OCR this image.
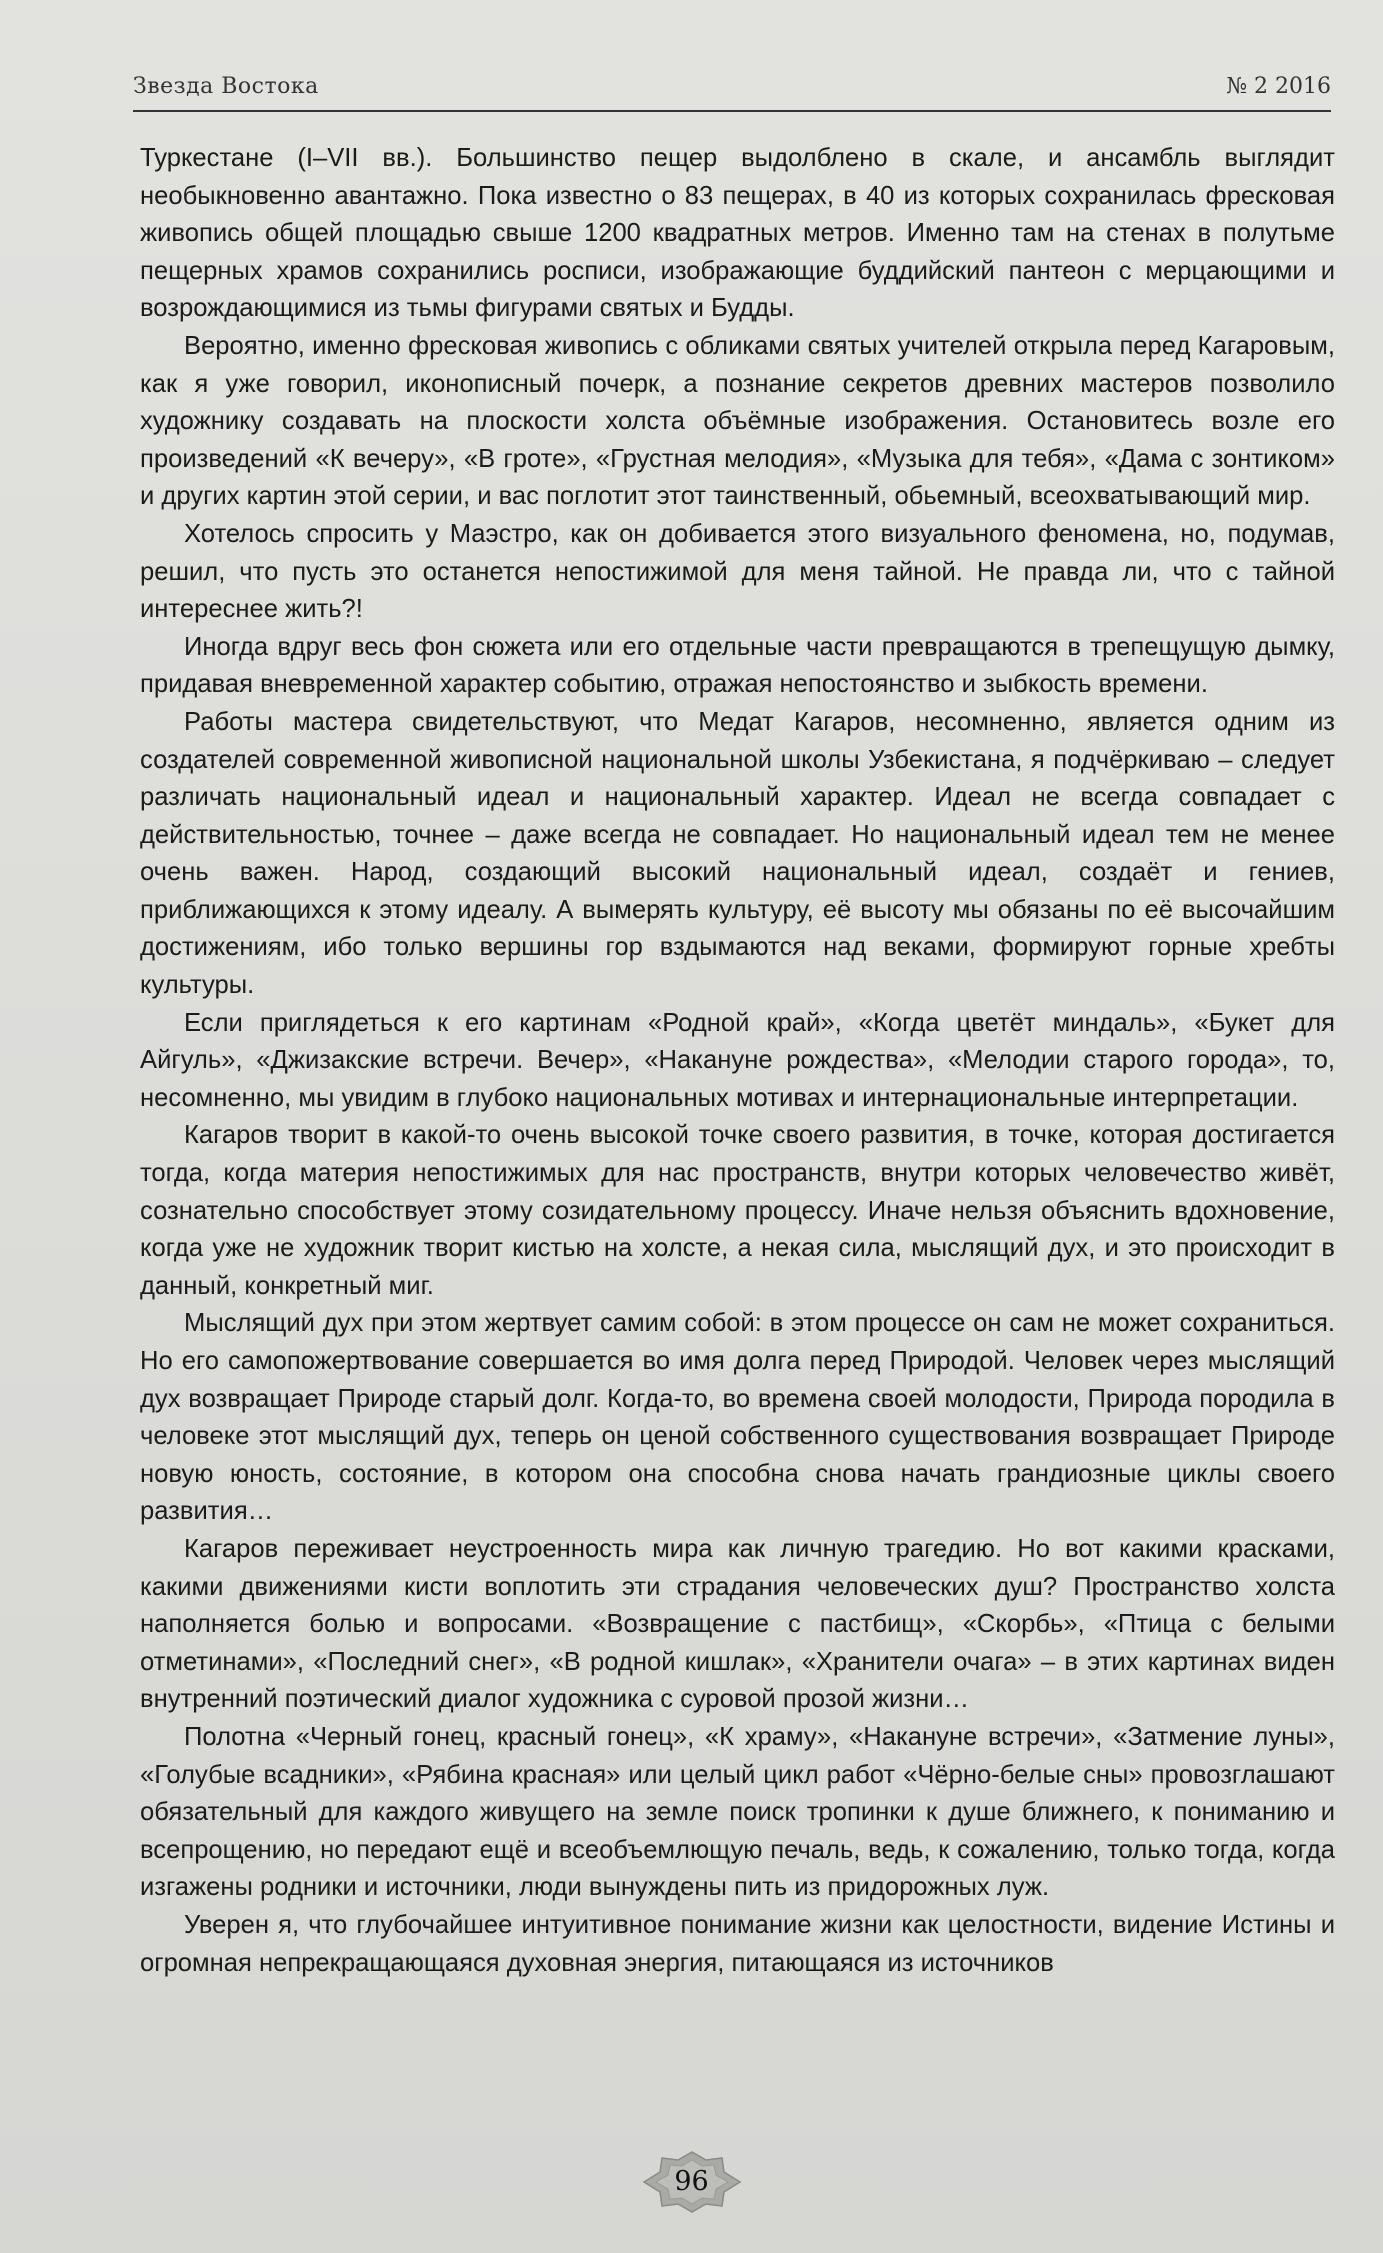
Звезда Востока	№ 2 2016

Туркестане (I–VII вв.). Большинство пещер выдолблено в скале, и ансамбль выглядит необыкновенно авантажно. Пока известно о 83 пещерах, в 40 из которых сохранилась фресковая живопись общей площадью свыше 1200 квадратных метров. Именно там на стенах в полутьме пещерных храмов сохранились росписи, изображающие буддийский пантеон с мерцающими и возрождающимися из тьмы фигурами святых и Будды.

Вероятно, именно фресковая живопись с обликами святых учителей открыла перед Кагаровым, как я уже говорил, иконописный почерк, а познание секретов древних мастеров позволило художнику создавать на плоскости холста объёмные изображения. Остановитесь возле его произведений «К вечеру», «В гроте», «Грустная мелодия», «Музыка для тебя», «Дама с зонтиком» и других картин этой серии, и вас поглотит этот таинственный, обьемный, всеохватывающий мир.

Хотелось спросить у Маэстро, как он добивается этого визуального феномена, но, подумав, решил, что пусть это останется непостижимой для меня тайной. Не правда ли, что с тайной интереснее жить?!

Иногда вдруг весь фон сюжета или его отдельные части превращаются в трепещущую дымку, придавая вневременной характер событию, отражая непостоянство и зыбкость времени.

Работы мастера свидетельствуют, что Медат Кагаров, несомненно, является одним из создателей современной живописной национальной школы Узбекистана, я подчёркиваю – следует различать национальный идеал и национальный характер. Идеал не всегда совпадает с действительностью, точнее – даже всегда не совпадает. Но национальный идеал тем не менее очень важен. Народ, создающий высокий национальный идеал, создаёт и гениев, приближающихся к этому идеалу. А вымерять культуру, её высоту мы обязаны по её высочайшим достижениям, ибо только вершины гор вздымаются над веками, формируют горные хребты культуры.

Если приглядеться к его картинам «Родной край», «Когда цветёт миндаль», «Букет для Айгуль», «Джизакские встречи. Вечер», «Накануне рождества», «Мелодии старого города», то, несомненно, мы увидим в глубоко национальных мотивах и интернациональные интерпретации.

Кагаров творит в какой-то очень высокой точке своего развития, в точке, которая достигается тогда, когда материя непостижимых для нас пространств, внутри которых человечество живёт, сознательно способствует этому созидательному процессу. Иначе нельзя объяснить вдохновение, когда уже не художник творит кистью на холсте, а некая сила, мыслящий дух, и это происходит в данный, конкретный миг.

Мыслящий дух при этом жертвует самим собой: в этом процессе он сам не может сохраниться. Но его самопожертвование совершается во имя долга перед Природой. Человек через мыслящий дух возвращает Природе старый долг. Когда-то, во времена своей молодости, Природа породила в человеке этот мыслящий дух, теперь он ценой собственного существования возвращает Природе новую юность, состояние, в котором она способна снова начать грандиозные циклы своего развития…

Кагаров переживает неустроенность мира как личную трагедию. Но вот какими красками, какими движениями кисти воплотить эти страдания человеческих душ? Пространство холста наполняется болью и вопросами. «Возвращение с пастбищ», «Скорбь», «Птица с белыми отметинами», «Последний снег», «В родной кишлак», «Хранители очага» – в этих картинах виден внутренний поэтический диалог художника с суровой прозой жизни…

Полотна «Черный гонец, красный гонец», «К храму», «Накануне встречи», «Затмение луны», «Голубые всадники», «Рябина красная» или целый цикл работ «Чёрно-белые сны» провозглашают обязательный для каждого живущего на земле поиск тропинки к душе ближнего, к пониманию и всепрощению, но передают ещё и всеобъемлющую печаль, ведь, к сожалению, только тогда, когда изгажены родники и источники, люди вынуждены пить из придорожных луж.

Уверен я, что глубочайшее интуитивное понимание жизни как целостности, видение Истины и огромная непрекращающаяся духовная энергия, питающаяся из источников

96
